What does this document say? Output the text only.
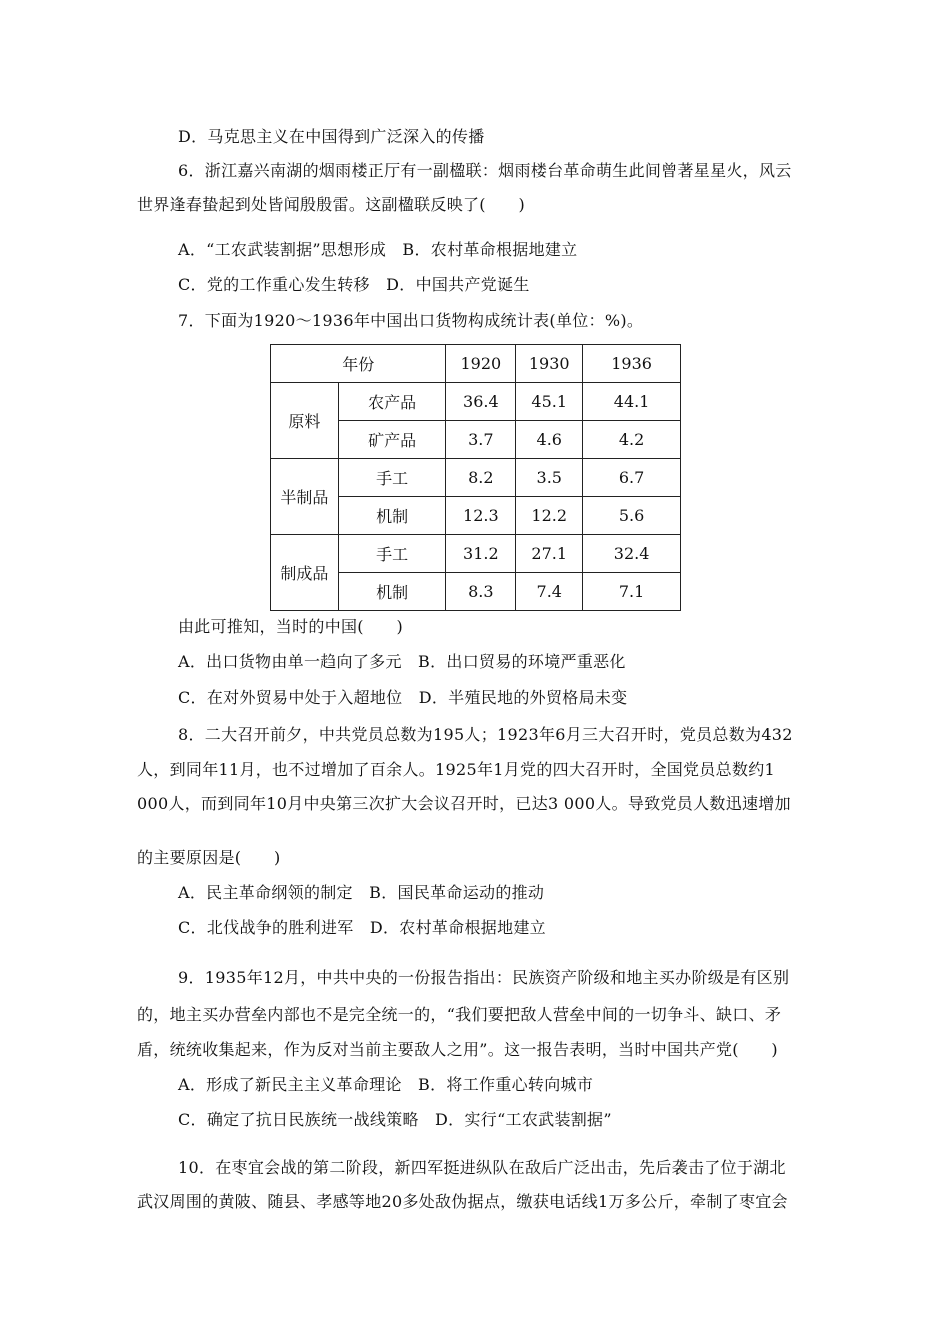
D．马克思主义在中国得到广泛深入的传播
6．浙江嘉兴南湖的烟雨楼正厅有一副楹联：烟雨楼台革命萌生此间曾著星星火，风云
世界逢春蛰起到处皆闻殷殷雷。这副楹联反映了(　　)
A．“工农武装割据”思想形成　B．农村革命根据地建立
C．党的工作重心发生转移　D．中国共产党诞生
7．下面为1920～1936年中国出口货物构成统计表(单位：%)。
年份		1920	1930	1936
原料	农产品	36.4	45.1	44.1
	矿产品	3.7	4.6	4.2
半制品	手工	8.2	3.5	6.7
	机制	12.3	12.2	5.6
制成品	手工	31.2	27.1	32.4
	机制	8.3	7.4	7.1
由此可推知，当时的中国(　　)
A．出口货物由单一趋向了多元　B．出口贸易的环境严重恶化
C．在对外贸易中处于入超地位　D．半殖民地的外贸格局未变
8．二大召开前夕，中共党员总数为195人；1923年6月三大召开时，党员总数为432
人，到同年11月，也不过增加了百余人。1925年1月党的四大召开时，全国党员总数约1
000人，而到同年10月中央第三次扩大会议召开时，已达3 000人。导致党员人数迅速增加
的主要原因是(　　)
A．民主革命纲领的制定　B．国民革命运动的推动
C．北伐战争的胜利进军　D．农村革命根据地建立
9．1935年12月，中共中央的一份报告指出：民族资产阶级和地主买办阶级是有区别
的，地主买办营垒内部也不是完全统一的，“我们要把敌人营垒中间的一切争斗、缺口、矛
盾，统统收集起来，作为反对当前主要敌人之用”。这一报告表明，当时中国共产党(　　)
A．形成了新民主主义革命理论　B．将工作重心转向城市
C．确定了抗日民族统一战线策略　D．实行“工农武装割据”
10．在枣宜会战的第二阶段，新四军挺进纵队在敌后广泛出击，先后袭击了位于湖北
武汉周围的黄陂、随县、孝感等地20多处敌伪据点，缴获电话线1万多公斤，牵制了枣宜会
